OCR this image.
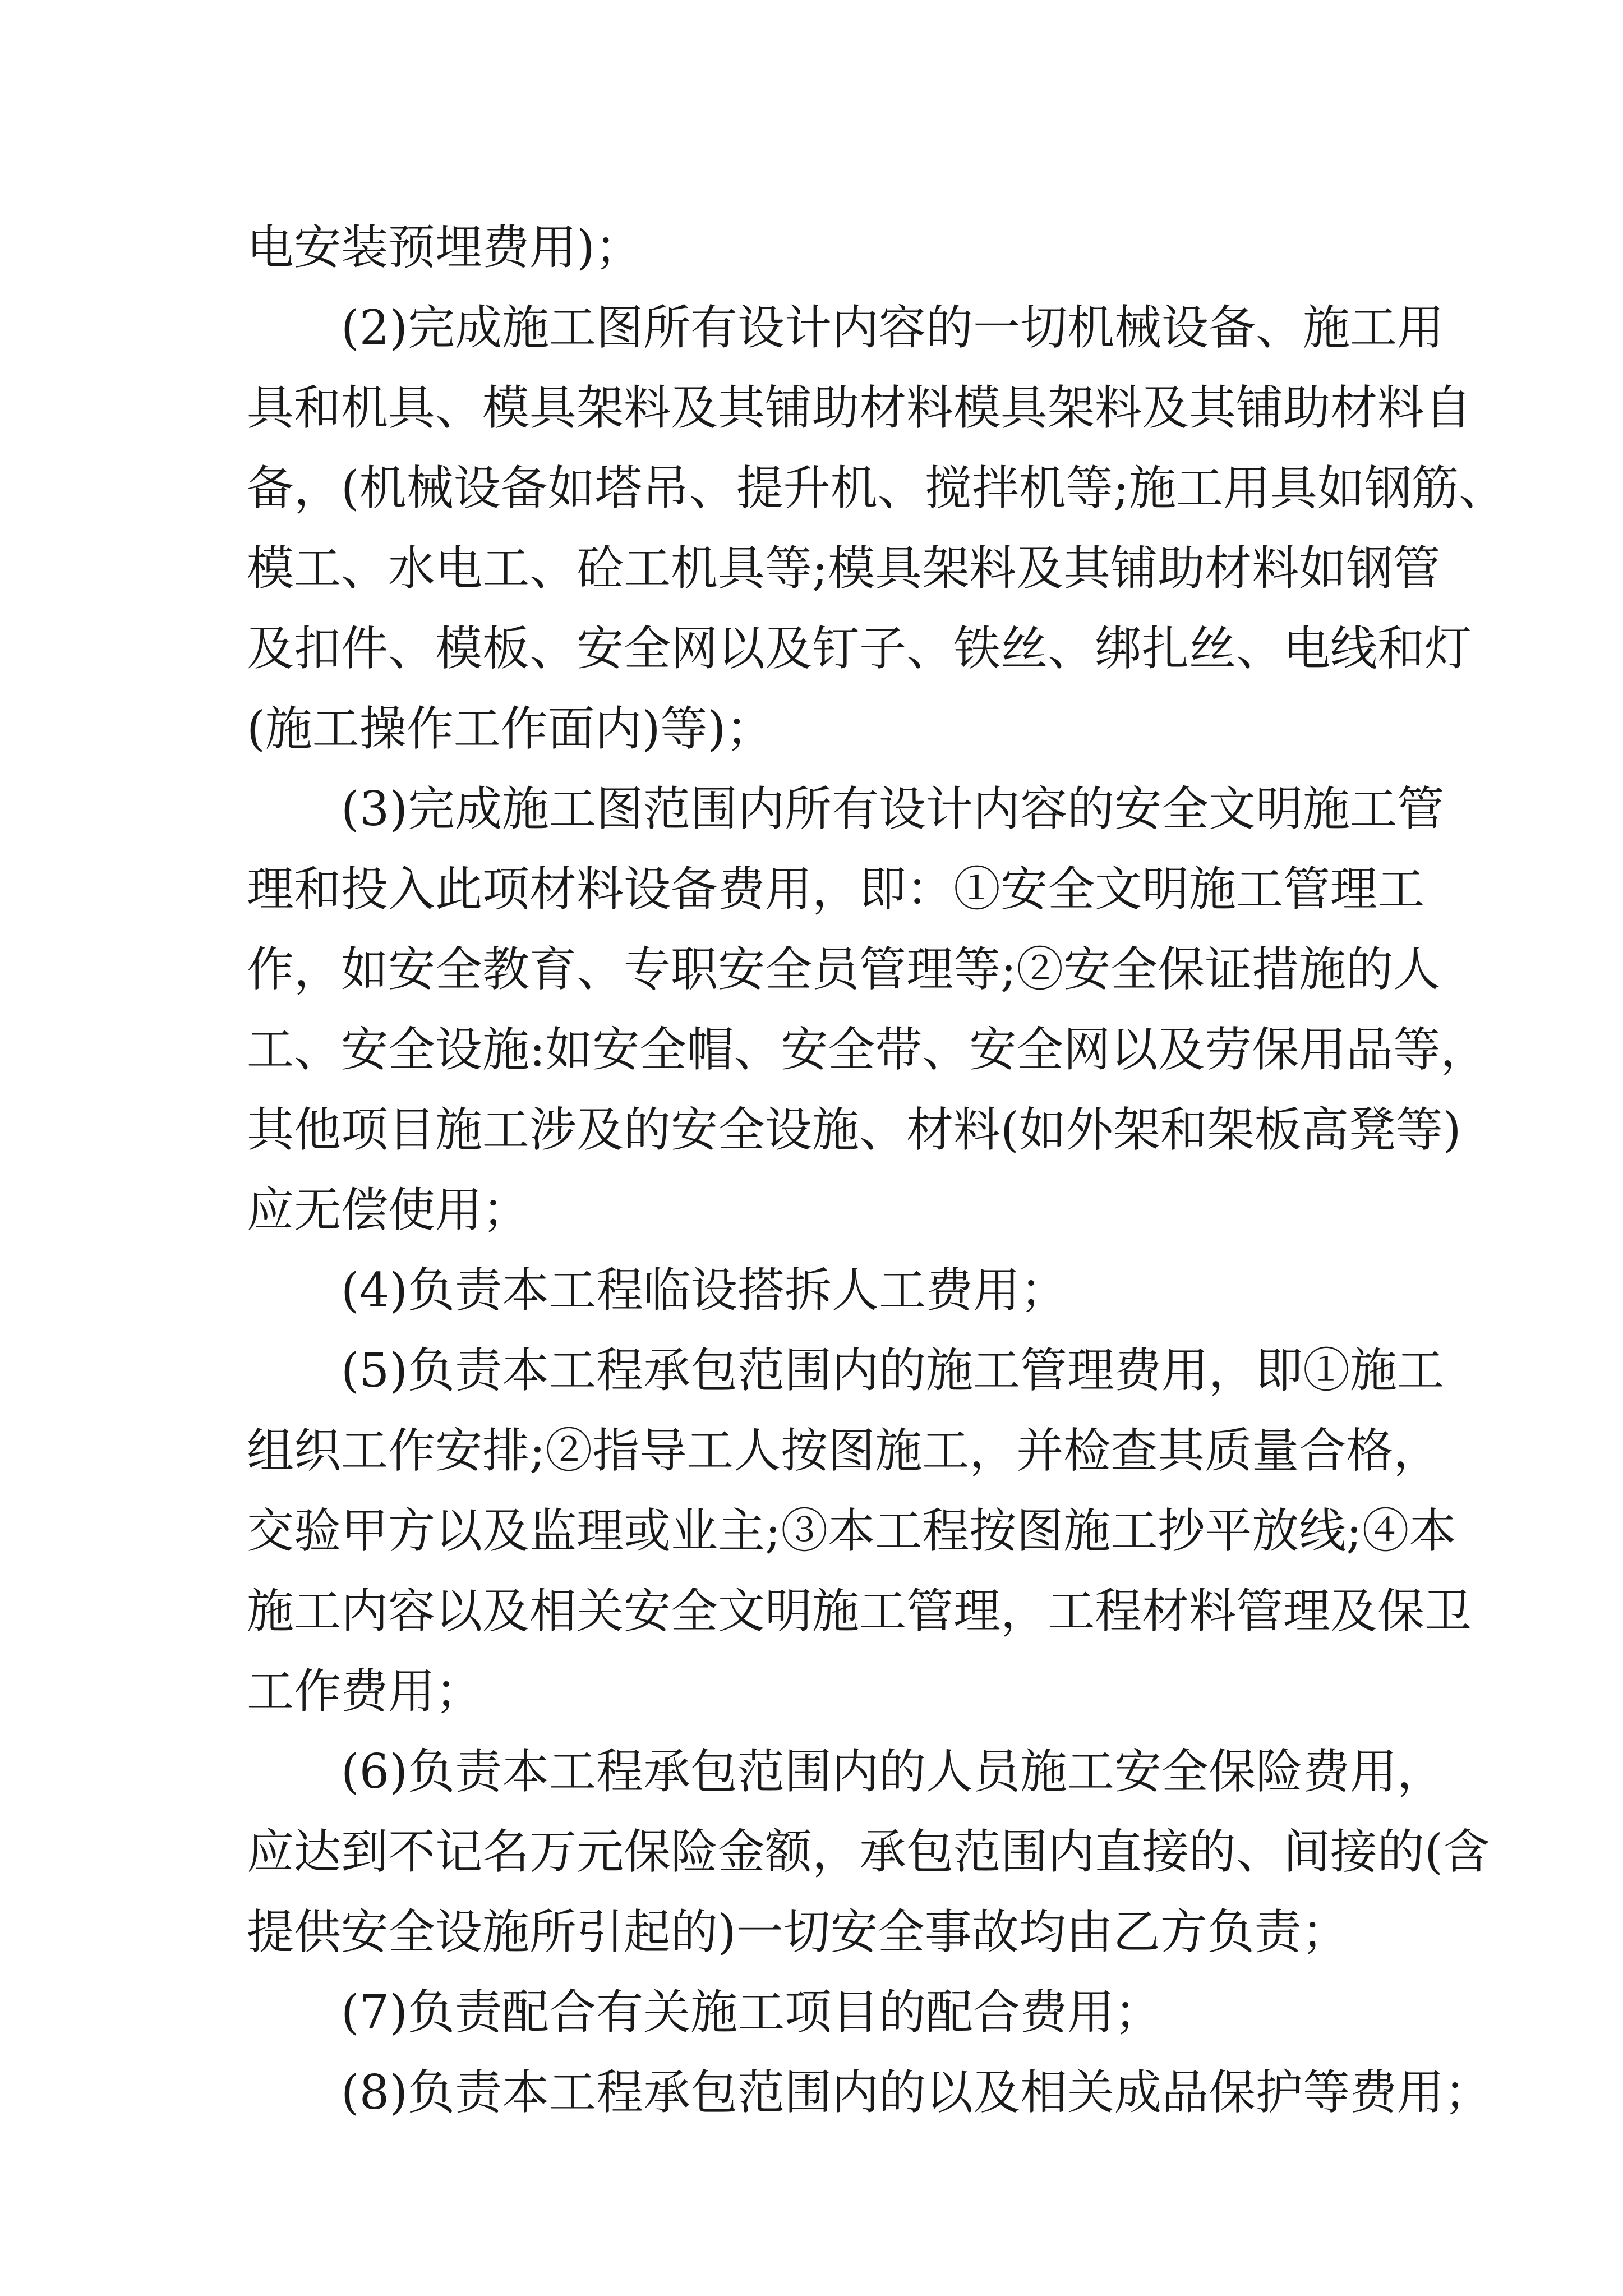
电安装预埋费用)；
(2)完成施工图所有设计内容的一切机械设备、施工用
具和机具、模具架料及其铺助材料模具架料及其铺助材料自
备，(机械设备如塔吊、提升机、搅拌机等;施工用具如钢筋、
模工、水电工、砼工机具等;模具架料及其铺助材料如钢管
及扣件、模板、安全网以及钉子、铁丝、绑扎丝、电线和灯
(施工操作工作面内)等)；
(3)完成施工图范围内所有设计内容的安全文明施工管
理和投入此项材料设备费用，即：①安全文明施工管理工
作，如安全教育、专职安全员管理等;②安全保证措施的人
工、安全设施:如安全帽、安全带、安全网以及劳保用品等，
其他项目施工涉及的安全设施、材料(如外架和架板高凳等)
应无偿使用；
(4)负责本工程临设搭拆人工费用；
(5)负责本工程承包范围内的施工管理费用，即①施工
组织工作安排;②指导工人按图施工，并检查其质量合格，
交验甲方以及监理或业主;③本工程按图施工抄平放线;④本
施工内容以及相关安全文明施工管理，工程材料管理及保卫
工作费用；
(6)负责本工程承包范围内的人员施工安全保险费用，
应达到不记名万元保险金额，承包范围内直接的、间接的(含
提供安全设施所引起的)一切安全事故均由乙方负责；
(7)负责配合有关施工项目的配合费用；
(8)负责本工程承包范围内的以及相关成品保护等费用；
